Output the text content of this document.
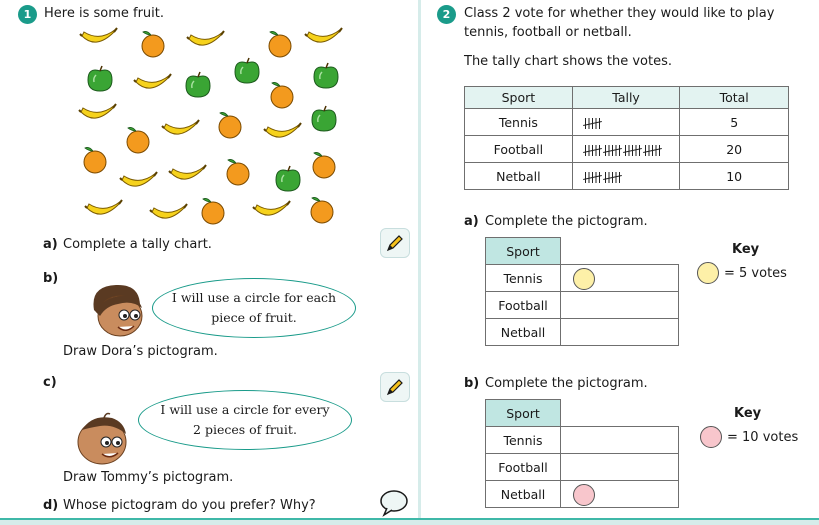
1 Here is some fruit.
a) Complete a tally chart.
b)
I will use a circle for each
piece of fruit.
Draw Dora’s pictogram.
c)
I will use a circle for every
2 pieces of fruit.
Draw Tommy’s pictogram.
d) Whose pictogram do you prefer? Why?
2	Class 2 vote for whether they would like to play
tennis, football or netball.
The tally chart shows the votes.
Sport	Tally	Total
Tennis		5
Football		20
Netball		10
a) Complete the pictogram.
Sport	
Tennis	

Football	
Netball	
Key
= 5 votes
b) Complete the pictogram.
Sport	
Tennis	
Football	
Netball	
Key
= 10 votes
